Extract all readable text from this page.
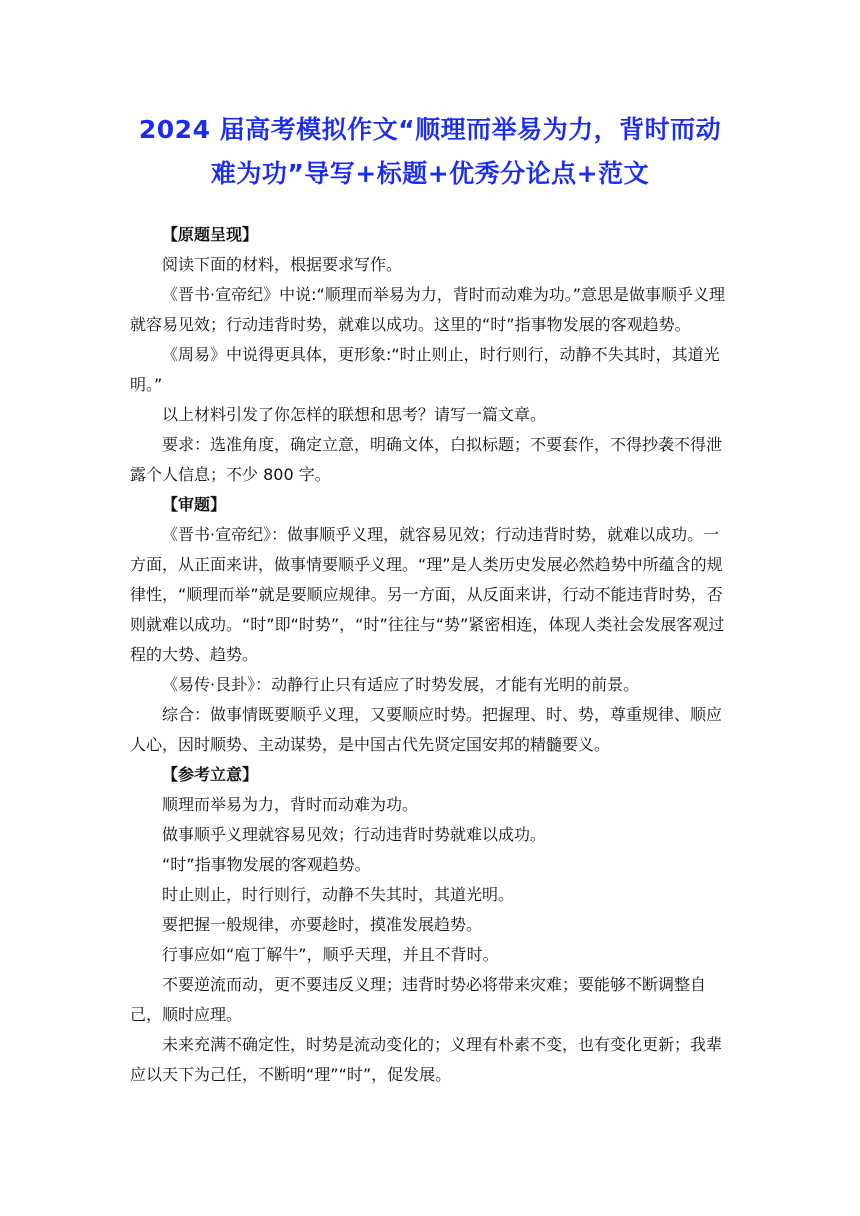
2024 届高考模拟作文“顺理而举易为力，背时而动难为功”导写+标题+优秀分论点+范文
【原题呈现】

阅读下面的材料，根据要求写作。

《晋书·宣帝纪》中说:“顺理而举易为力，背时而动难为功。”意思是做事顺乎义理就容易见效；行动违背时势，就难以成功。这里的“时”指事物发展的客观趋势。

《周易》中说得更具体，更形象:“时止则止，时行则行，动静不失其时，其道光明。”

以上材料引发了你怎样的联想和思考？请写一篇文章。

要求：选准角度，确定立意，明确文体，白拟标题；不要套作，不得抄袭不得泄露个人信息；不少 800 字。

【审题】

《晋书·宣帝纪》：做事顺乎义理，就容易见效；行动违背时势，就难以成功。一方面，从正面来讲，做事情要顺乎义理。“理”是人类历史发展必然趋势中所蕴含的规律性，“顺理而举”就是要顺应规律。另一方面，从反面来讲，行动不能违背时势，否则就难以成功。“时”即“时势”，“时”往往与“势”紧密相连，体现人类社会发展客观过程的大势、趋势。

《易传·艮卦》：动静行止只有适应了时势发展，才能有光明的前景。

综合：做事情既要顺乎义理，又要顺应时势。把握理、时、势，尊重规律、顺应人心，因时顺势、主动谋势，是中国古代先贤定国安邦的精髓要义。

【参考立意】

顺理而举易为力，背时而动难为功。

做事顺乎义理就容易见效；行动违背时势就难以成功。

“时”指事物发展的客观趋势。

时止则止，时行则行，动静不失其时，其道光明。

要把握一般规律，亦要趁时，摸准发展趋势。

行事应如“庖丁解牛”，顺乎天理，并且不背时。

不要逆流而动，更不要违反义理；违背时势必将带来灾难；要能够不断调整自己，顺时应理。

未来充满不确定性，时势是流动变化的；义理有朴素不变，也有变化更新；我辈应以天下为己任，不断明“理”“时”，促发展。
